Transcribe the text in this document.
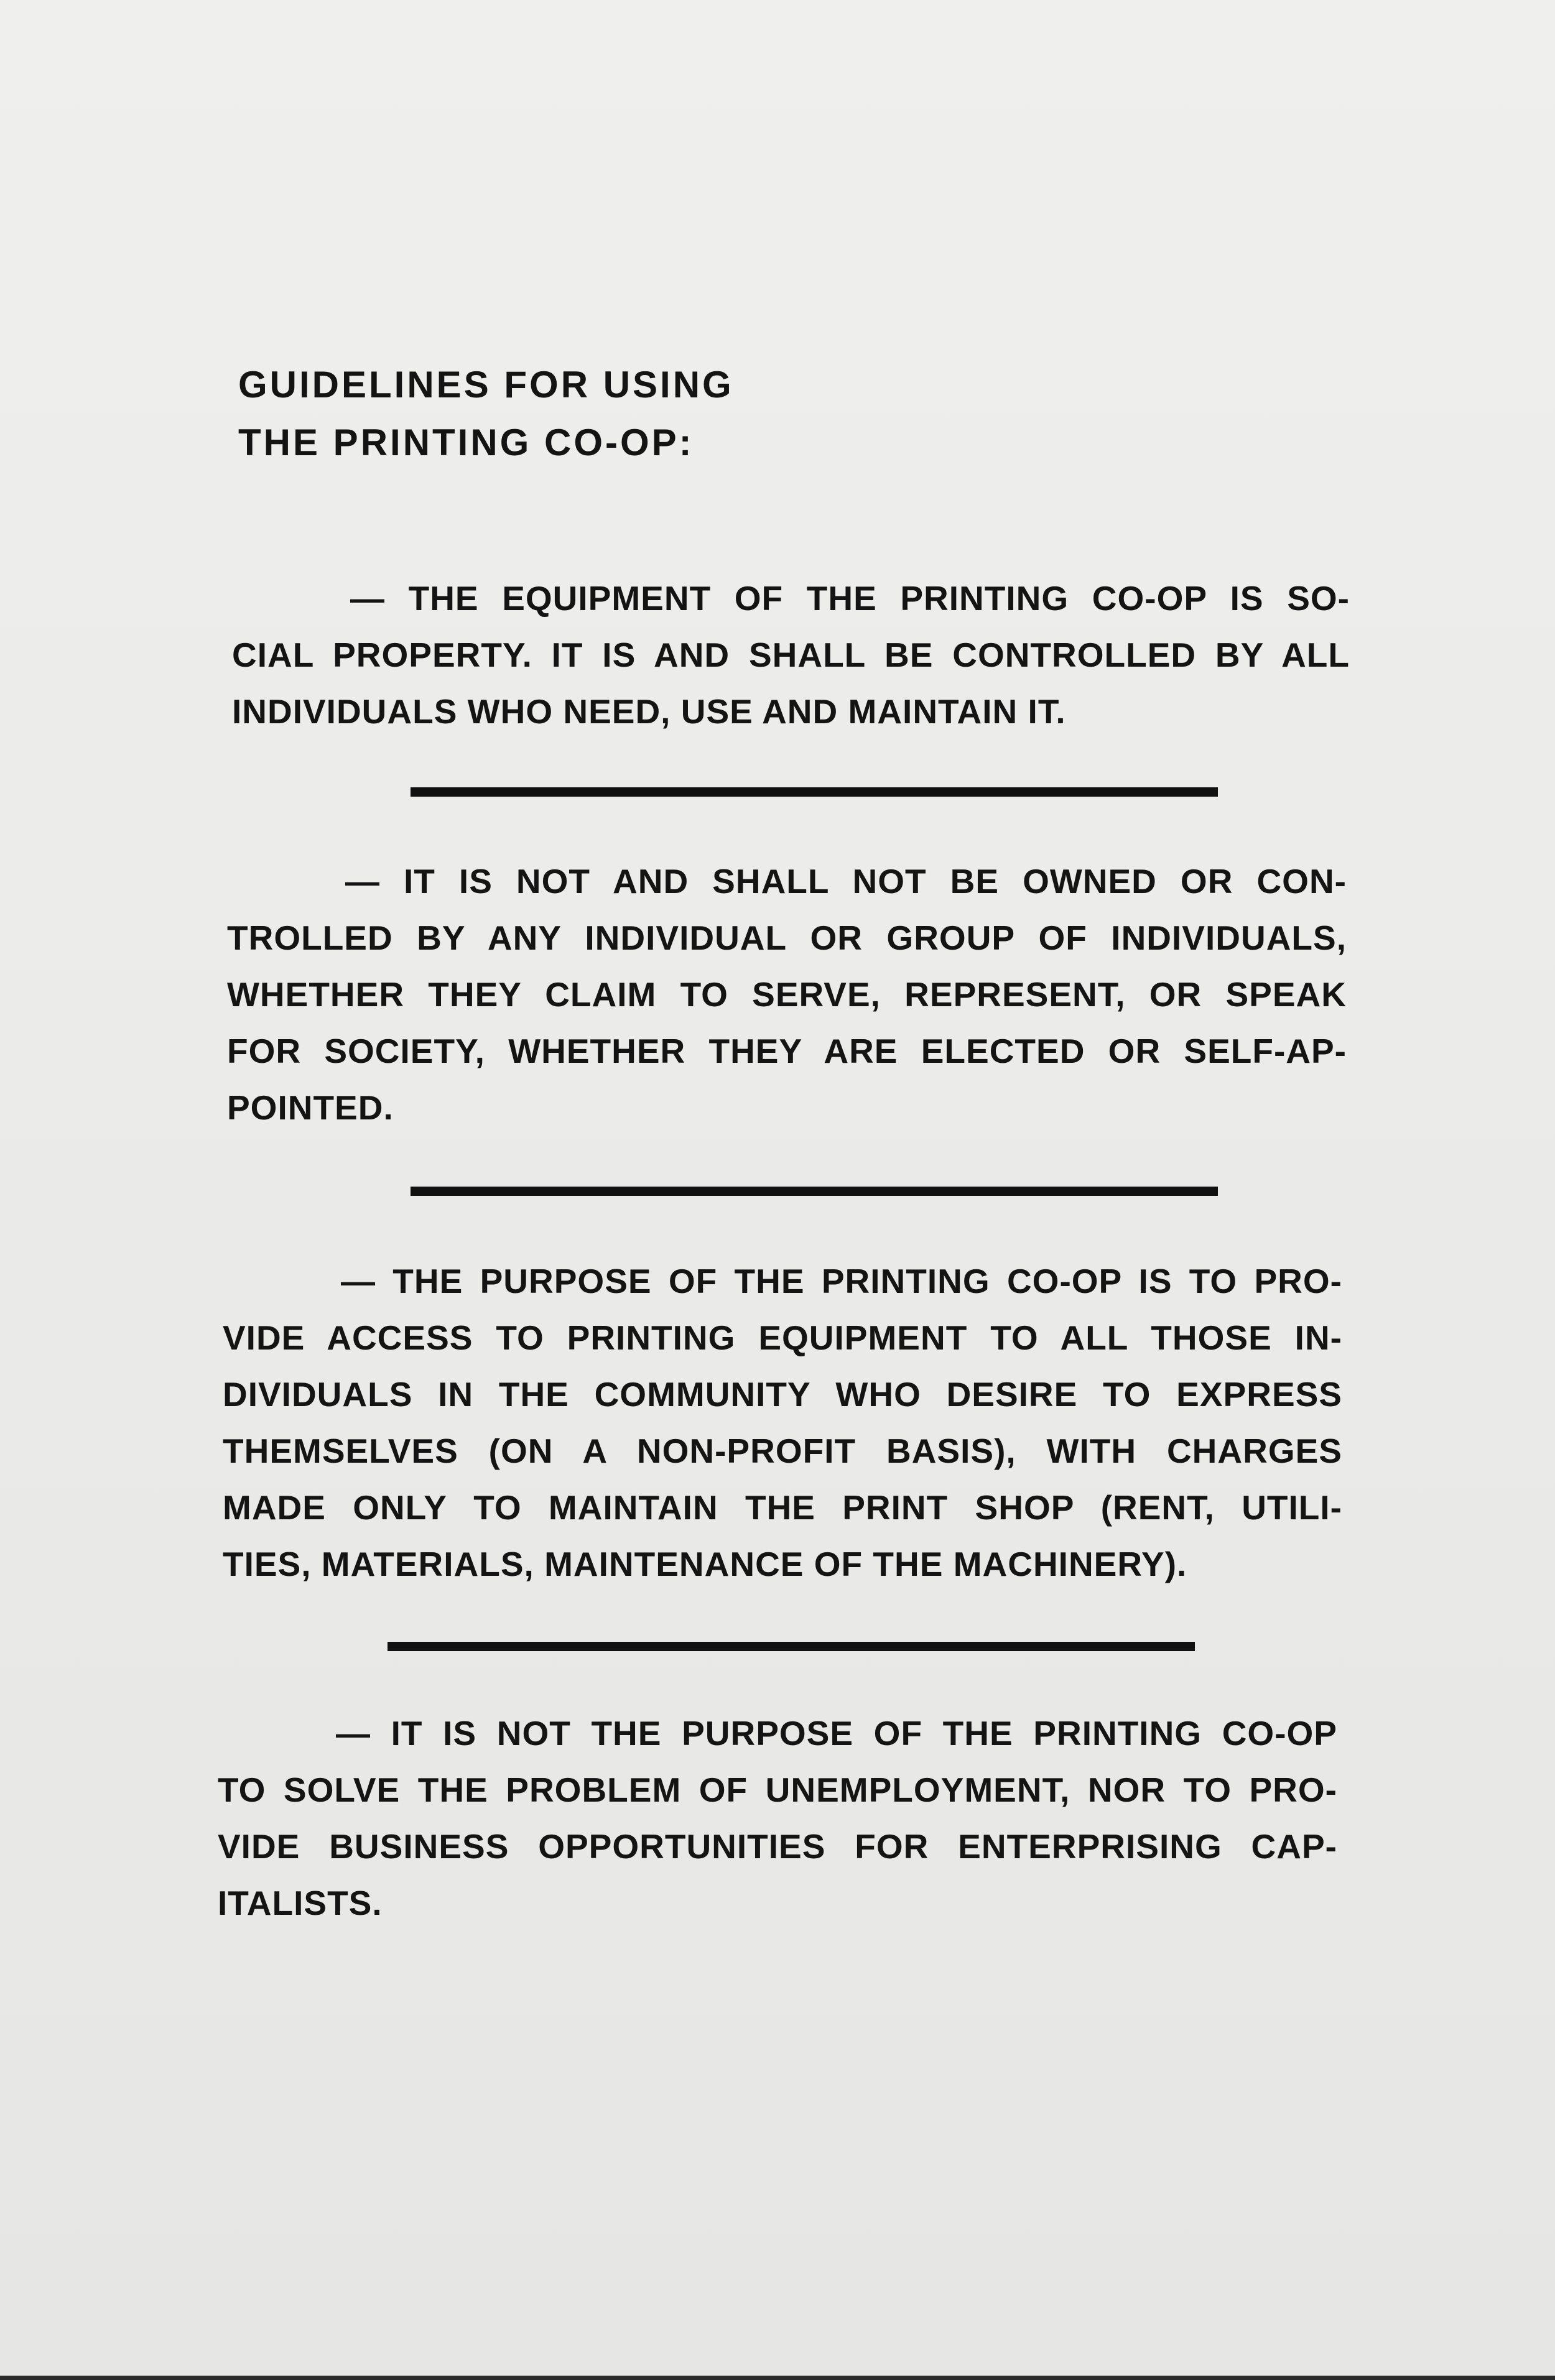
GUIDELINES FOR USING
THE PRINTING CO-OP:

— THE EQUIPMENT OF THE PRINTING CO-OP IS SO-
CIAL PROPERTY. IT IS AND SHALL BE CONTROLLED BY ALL
INDIVIDUALS WHO NEED, USE AND MAINTAIN IT.

— IT IS NOT AND SHALL NOT BE OWNED OR CON-
TROLLED BY ANY INDIVIDUAL OR GROUP OF INDIVIDUALS,
WHETHER THEY CLAIM TO SERVE, REPRESENT, OR SPEAK
FOR SOCIETY, WHETHER THEY ARE ELECTED OR SELF-AP-
POINTED.

— THE PURPOSE OF THE PRINTING CO-OP IS TO PRO-
VIDE ACCESS TO PRINTING EQUIPMENT TO ALL THOSE IN-
DIVIDUALS IN THE COMMUNITY WHO DESIRE TO EXPRESS
THEMSELVES (ON A NON-PROFIT BASIS), WITH CHARGES
MADE ONLY TO MAINTAIN THE PRINT SHOP (RENT, UTILI-
TIES, MATERIALS, MAINTENANCE OF THE MACHINERY).

— IT IS NOT THE PURPOSE OF THE PRINTING CO-OP
TO SOLVE THE PROBLEM OF UNEMPLOYMENT, NOR TO PRO-
VIDE BUSINESS OPPORTUNITIES FOR ENTERPRISING CAP-
ITALISTS.
